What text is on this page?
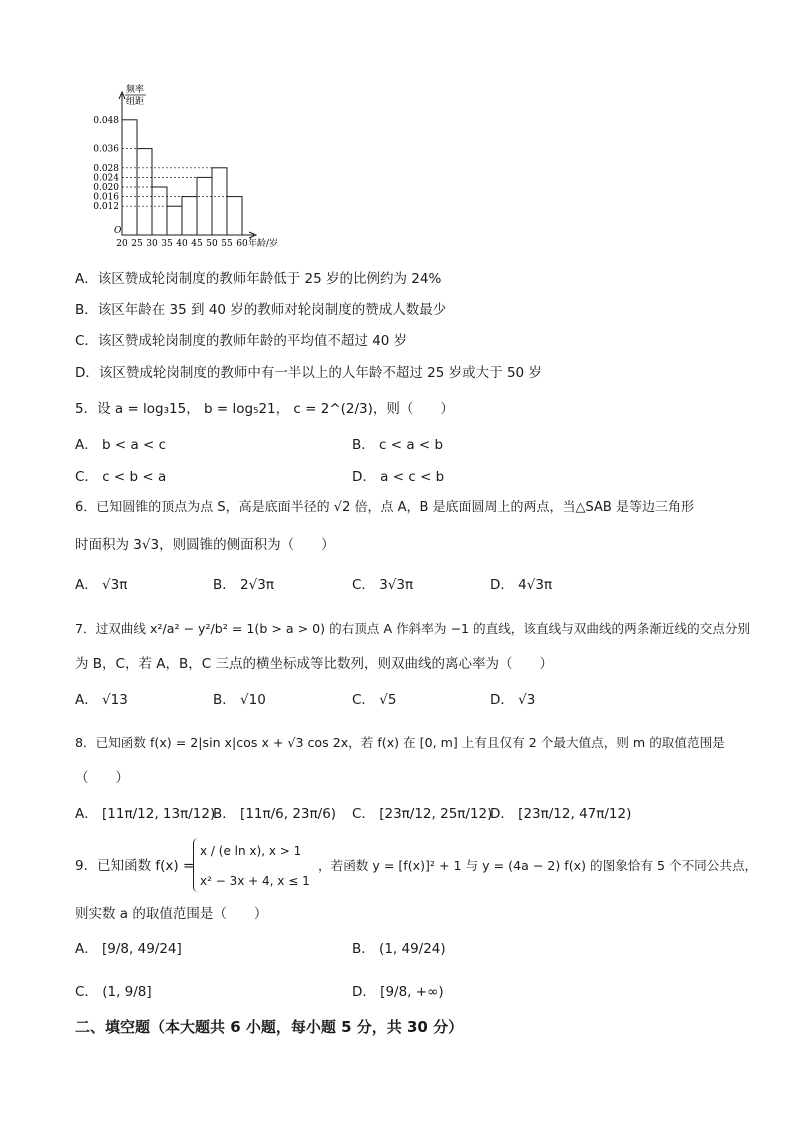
频率
组距
0.048
0.036
0.028
0.024
0.020
0.016
0.012
O
20 25 30 35 40 45 50 55 60 年龄/岁
A．该区赞成轮岗制度的教师年龄低于 25 岁的比例约为 24%
B．该区年龄在 35 到 40 岁的教师对轮岗制度的赞成人数最少
C．该区赞成轮岗制度的教师年龄的平均值不超过 40 岁
D．该区赞成轮岗制度的教师中有一半以上的人年龄不超过 25 岁或大于 50 岁
5．设 a = log₃15， b = log₅21， c = 2^(2/3)，则（　　）
A． b < a < c	B． c < a < b
C． c < b < a	D． a < c < b
6．已知圆锥的顶点为点 S，高是底面半径的 √2 倍，点 A，B 是底面圆周上的两点，当△SAB 是等边三角形
时面积为 3√3，则圆锥的侧面积为（　　）
A． √3π	B． 2√3π	C． 3√3π	D． 4√3π
7．过双曲线 x²/a² − y²/b² = 1(b > a > 0) 的右顶点 A 作斜率为 −1 的直线，该直线与双曲线的两条渐近线的交点分别
为 B，C，若 A，B，C 三点的横坐标成等比数列，则双曲线的离心率为（　　）
A． √13	B． √10	C． √5	D． √3
8．已知函数 f(x) = 2|sin x|cos x + √3 cos 2x，若 f(x) 在 [0, m] 上有且仅有 2 个最大值点，则 m 的取值范围是
（　　）
A． [11π/12, 13π/12)
B． [11π/6, 23π/6) C． [23π/12, 25π/12)
D． [23π/12, 47π/12)
9．已知函数 f(x) =
x / (e ln x), x > 1
x² − 3x + 4, x ≤ 1
，若函数 y = [f(x)]² + 1 与 y = (4a − 2) f(x) 的图象恰有 5 个不同公共点，
则实数 a 的取值范围是（　　）
A． [9/8, 49/24]	B． (1, 49/24)
C． (1, 9/8]	D． [9/8, +∞)
二、填空题（本大题共 6 小题，每小题 5 分，共 30 分）
